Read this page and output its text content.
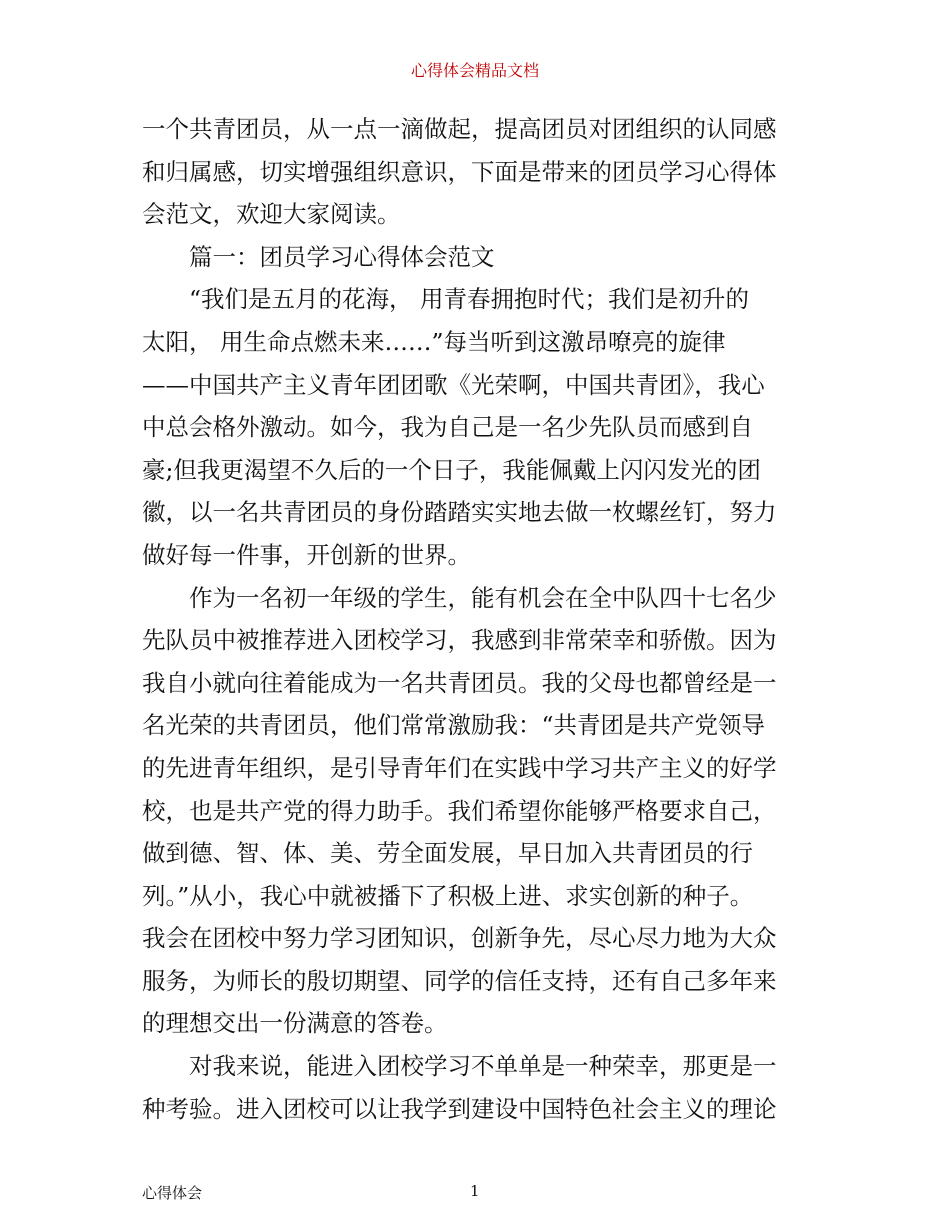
心得体会精品文档
一个共青团员，从一点一滴做起，提高团员对团组织的认同感
和归属感，切实增强组织意识，下面是带来的团员学习心得体
会范文，欢迎大家阅读。
篇一：团员学习心得体会范文
“我们是五月的花海， 用青春拥抱时代；我们是初升的
太阳， 用生命点燃未来……”每当听到这激昂嘹亮的旋律
——中国共产主义青年团团歌《光荣啊，中国共青团》，我心
中总会格外激动。如今，我为自己是一名少先队员而感到自
豪;但我更渴望不久后的一个日子，我能佩戴上闪闪发光的团
徽，以一名共青团员的身份踏踏实实地去做一枚螺丝钉，努力
做好每一件事，开创新的世界。
作为一名初一年级的学生，能有机会在全中队四十七名少
先队员中被推荐进入团校学习，我感到非常荣幸和骄傲。因为
我自小就向往着能成为一名共青团员。我的父母也都曾经是一
名光荣的共青团员，他们常常激励我：“共青团是共产党领导
的先进青年组织，是引导青年们在实践中学习共产主义的好学
校，也是共产党的得力助手。我们希望你能够严格要求自己，
做到德、智、体、美、劳全面发展，早日加入共青团员的行
列。”从小，我心中就被播下了积极上进、求实创新的种子。
我会在团校中努力学习团知识，创新争先，尽心尽力地为大众
服务，为师长的殷切期望、同学的信任支持，还有自己多年来
的理想交出一份满意的答卷。
对我来说，能进入团校学习不单单是一种荣幸，那更是一
种考验。进入团校可以让我学到建设中国特色社会主义的理论
心得体会	1
